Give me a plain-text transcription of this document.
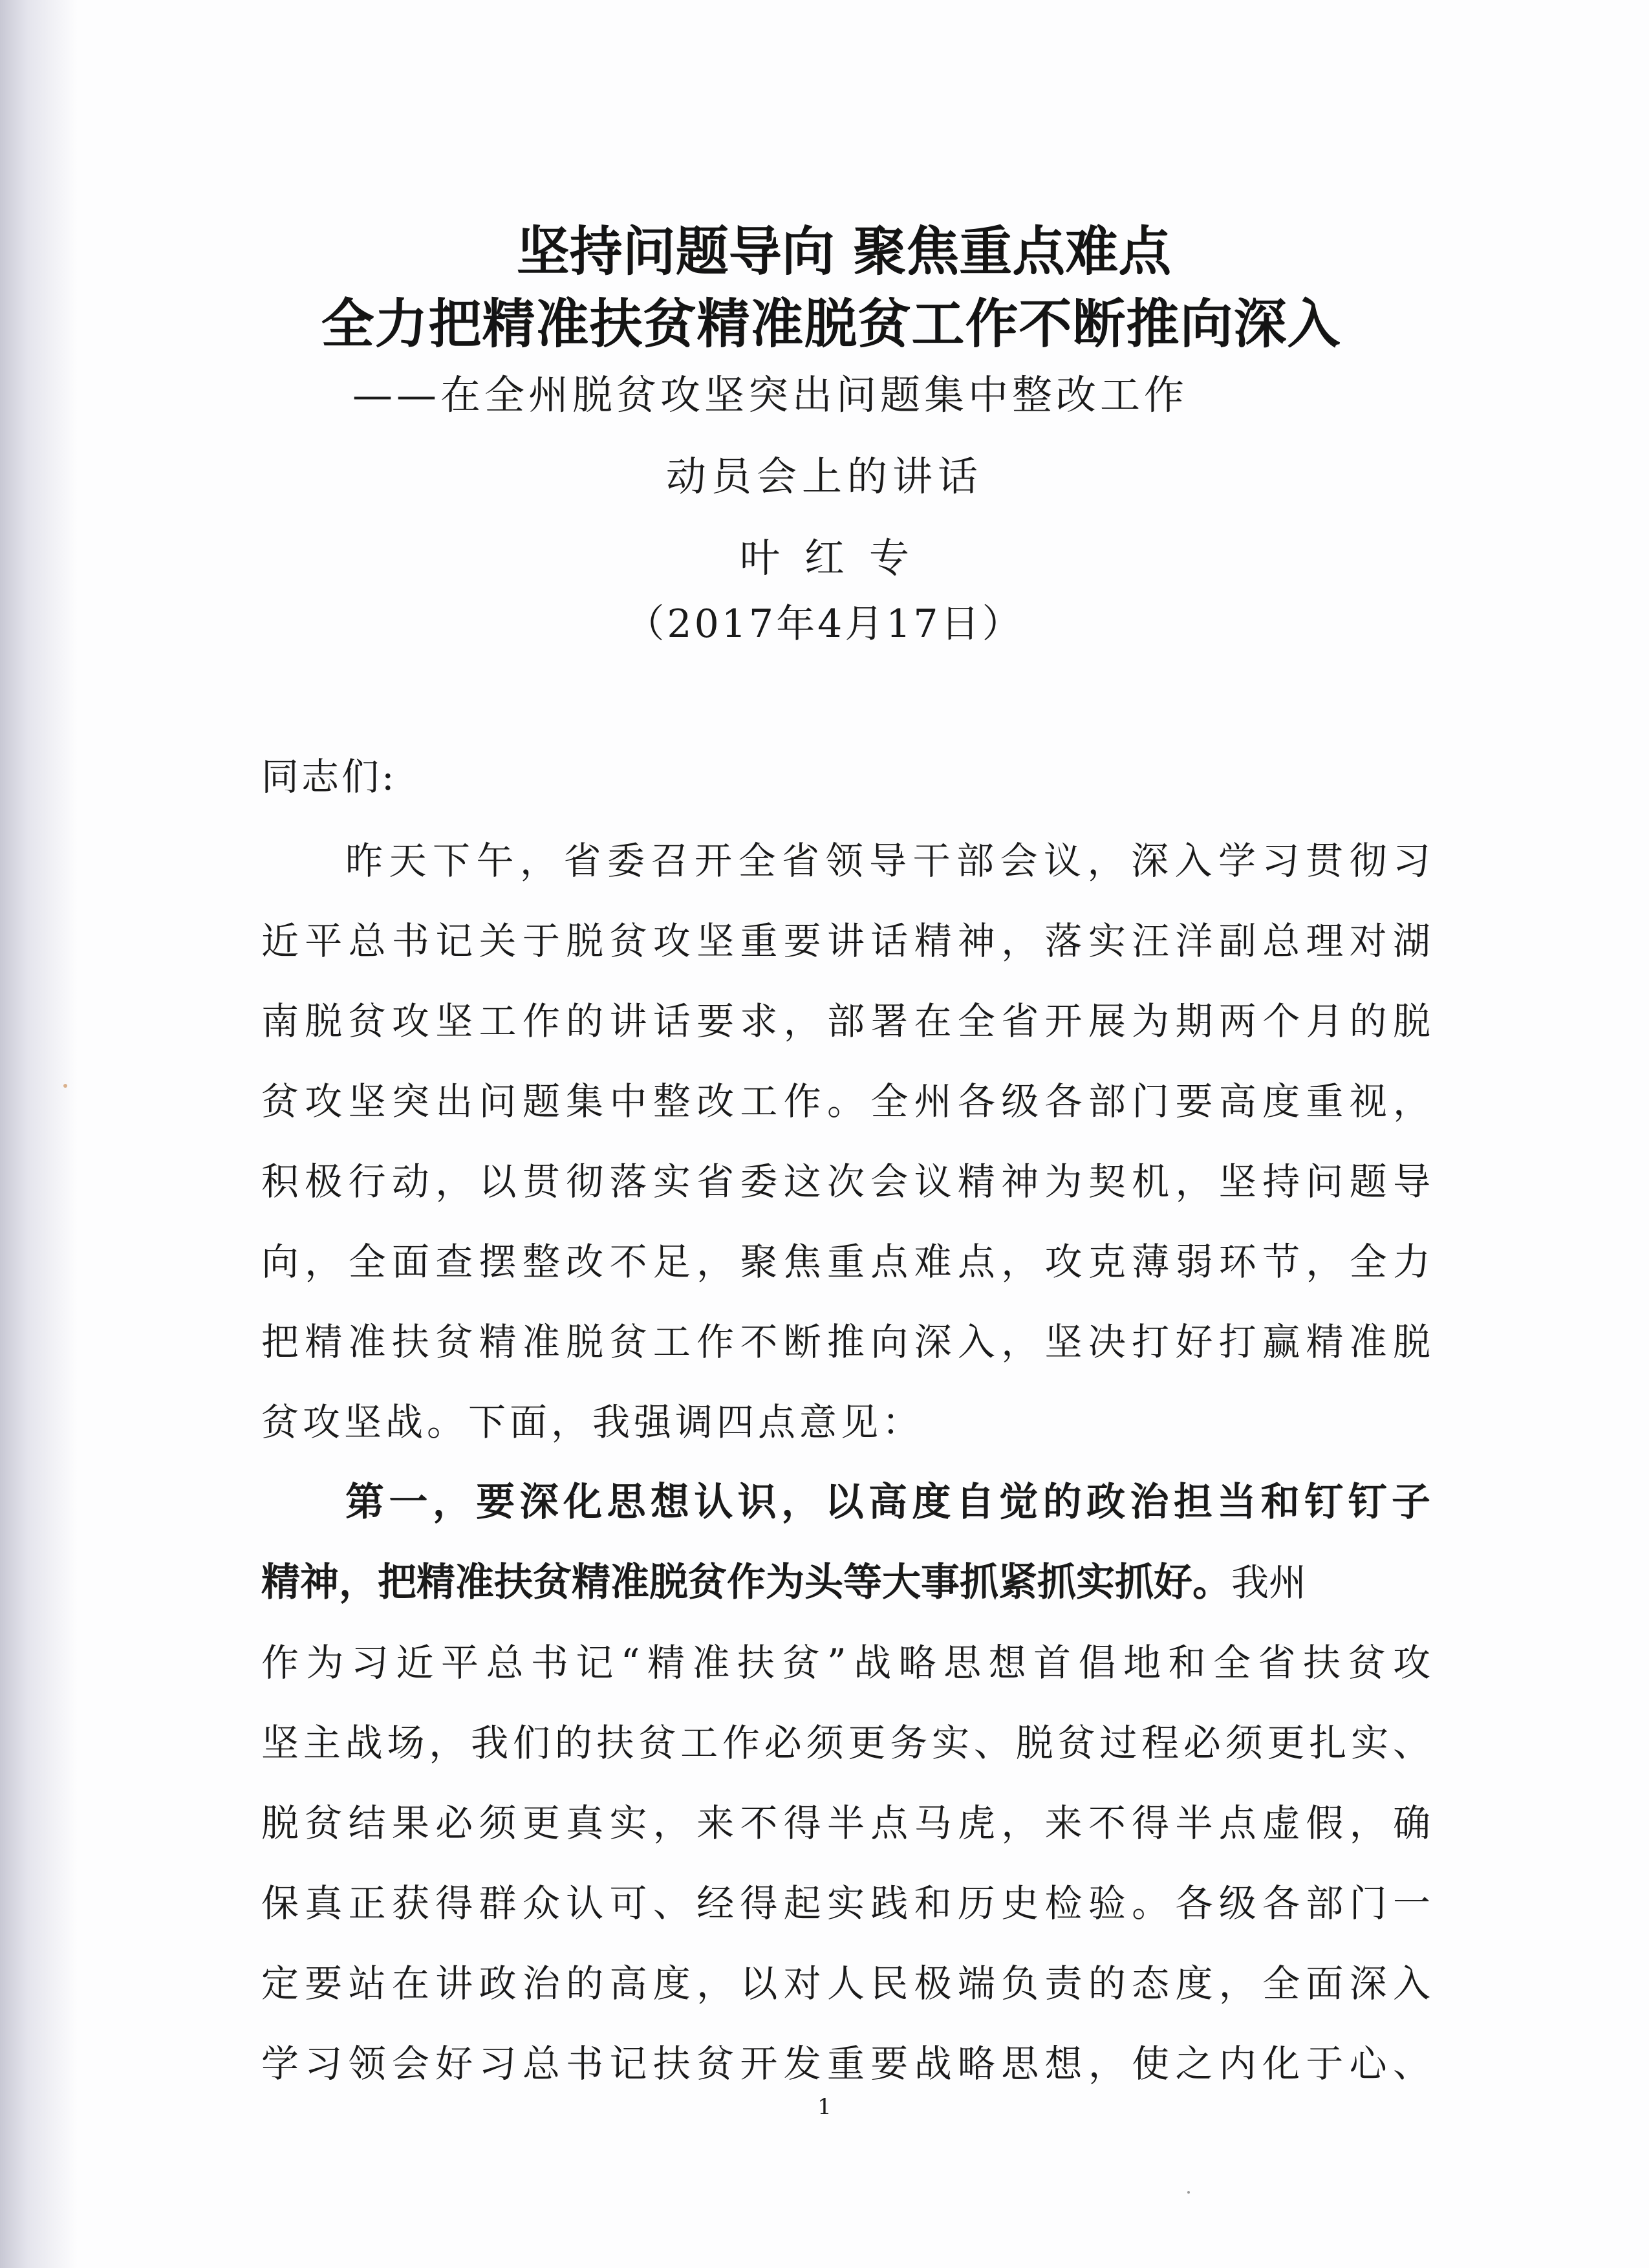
坚持问题导向 聚焦重点难点
全力把精准扶贫精准脱贫工作不断推向深入
——在全州脱贫攻坚突出问题集中整改工作
动员会上的讲话
叶红专
（2017年4月17日）
同志们:
昨天下午，省委召开全省领导干部会议，深入学习贯彻习
近平总书记关于脱贫攻坚重要讲话精神，落实汪洋副总理对湖
南脱贫攻坚工作的讲话要求，部署在全省开展为期两个月的脱
贫攻坚突出问题集中整改工作。全州各级各部门要高度重视，
积极行动，以贯彻落实省委这次会议精神为契机，坚持问题导
向，全面查摆整改不足，聚焦重点难点，攻克薄弱环节，全力
把精准扶贫精准脱贫工作不断推向深入，坚决打好打赢精准脱
贫攻坚战。下面，我强调四点意见：
第一，要深化思想认识，以高度自觉的政治担当和钉钉子
精神，把精准扶贫精准脱贫作为头等大事抓紧抓实抓好。我州
作为习近平总书记“精准扶贫”战略思想首倡地和全省扶贫攻
坚主战场，我们的扶贫工作必须更务实、脱贫过程必须更扎实、
脱贫结果必须更真实，来不得半点马虎，来不得半点虚假，确
保真正获得群众认可、经得起实践和历史检验。各级各部门一
定要站在讲政治的高度，以对人民极端负责的态度，全面深入
学习领会好习总书记扶贫开发重要战略思想，使之内化于心、
1
